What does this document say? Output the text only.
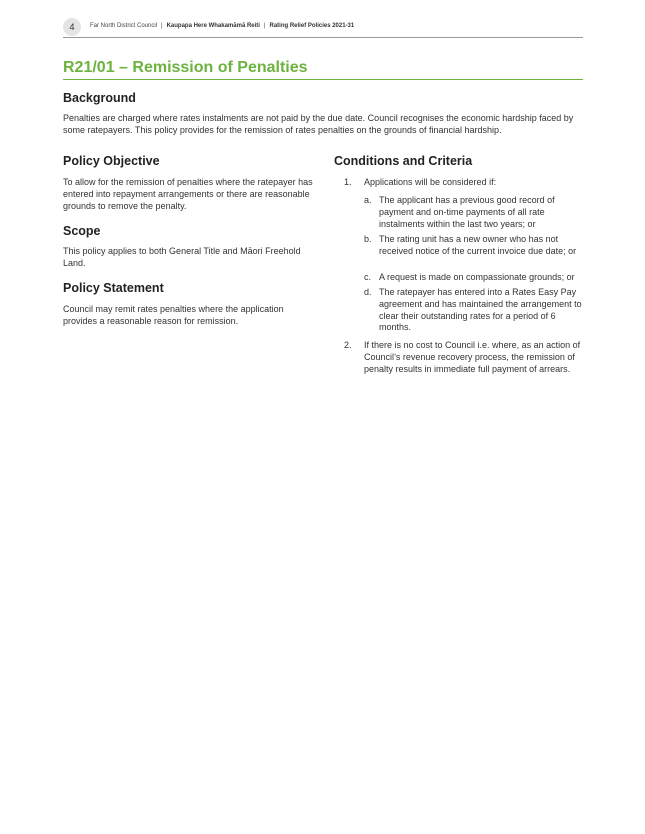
4	Far North District Council | Kaupapa Here Whakamāmā Reiti | Rating Relief Policies 2021-31
R21/01 – Remission of Penalties
Background

Penalties are charged where rates instalments are not paid by the due date. Council recognises the economic hardship faced by some ratepayers. This policy provides for the remission of rates penalties on the grounds of financial hardship.

Policy Objective

To allow for the remission of penalties where the ratepayer has entered into repayment arrangements or there are reasonable grounds to remove the penalty.

Scope

This policy applies to both General Title and Māori Freehold Land.

Policy Statement

Council may remit rates penalties where the application provides a reasonable reason for remission.

Conditions and Criteria
1. Applications will be considered if:
a. The applicant has a previous good record of payment and on-time payments of all rate instalments within the last two years; or
b. The rating unit has a new owner who has not received notice of the current invoice due date; or
c. A request is made on compassionate grounds; or
d. The ratepayer has entered into a Rates Easy Pay agreement and has maintained the arrangement to clear their outstanding rates for a period of 6 months.
2. If there is no cost to Council i.e. where, as an action of Council’s revenue recovery process, the remission of penalty results in immediate full payment of arrears.
